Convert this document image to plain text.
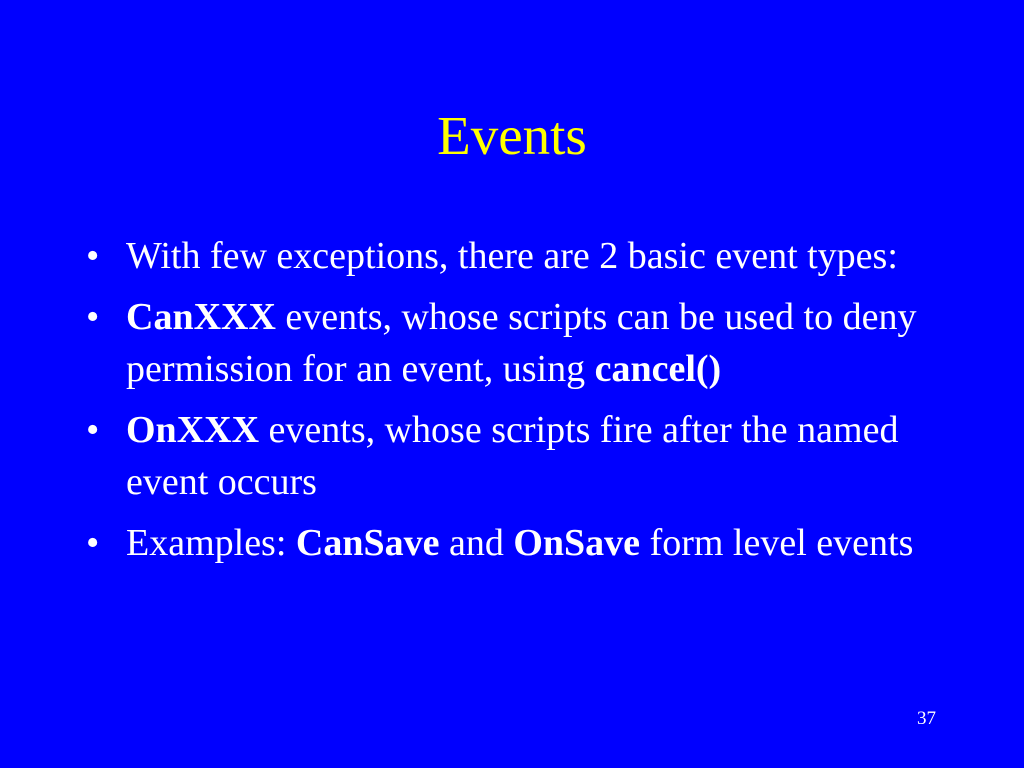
Events
• With few exceptions, there are 2 basic event types:
• CanXXX events, whose scripts can be used to deny permission for an event, using cancel()
• OnXXX events, whose scripts fire after the named event occurs
• Examples: CanSave and OnSave form level events
37
